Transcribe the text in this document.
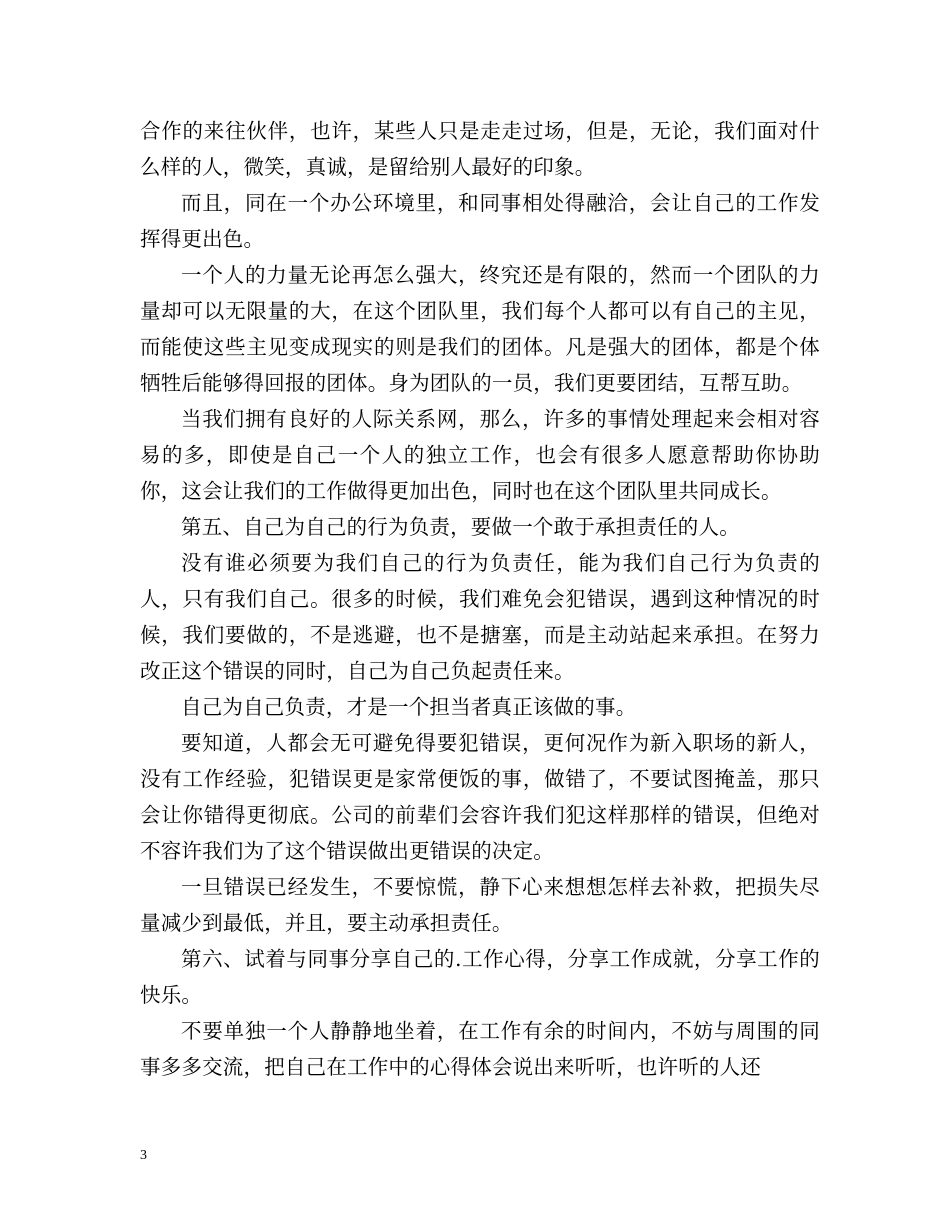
合作的来往伙伴，也许，某些人只是走走过场，但是，无论，我们面对什么样的人，微笑，真诚，是留给别人最好的印象。

而且，同在一个办公环境里，和同事相处得融洽，会让自己的工作发挥得更出色。

一个人的力量无论再怎么强大，终究还是有限的，然而一个团队的力量却可以无限量的大，在这个团队里，我们每个人都可以有自己的主见，而能使这些主见变成现实的则是我们的团体。凡是强大的团体，都是个体牺牲后能够得回报的团体。身为团队的一员，我们更要团结，互帮互助。

当我们拥有良好的人际关系网，那么，许多的事情处理起来会相对容易的多，即使是自己一个人的独立工作，也会有很多人愿意帮助你协助你，这会让我们的工作做得更加出色，同时也在这个团队里共同成长。

第五、自己为自己的行为负责，要做一个敢于承担责任的人。

没有谁必须要为我们自己的行为负责任，能为我们自己行为负责的人，只有我们自己。很多的时候，我们难免会犯错误，遇到这种情况的时候，我们要做的，不是逃避，也不是搪塞，而是主动站起来承担。在努力改正这个错误的同时，自己为自己负起责任来。

自己为自己负责，才是一个担当者真正该做的事。

要知道，人都会无可避免得要犯错误，更何况作为新入职场的新人，没有工作经验，犯错误更是家常便饭的事，做错了，不要试图掩盖，那只会让你错得更彻底。公司的前辈们会容许我们犯这样那样的错误，但绝对不容许我们为了这个错误做出更错误的决定。

一旦错误已经发生，不要惊慌，静下心来想想怎样去补救，把损失尽量减少到最低，并且，要主动承担责任。

第六、试着与同事分享自己的.工作心得，分享工作成就，分享工作的快乐。

不要单独一个人静静地坐着，在工作有余的时间内，不妨与周围的同事多多交流，把自己在工作中的心得体会说出来听听，也许听的人还

3
